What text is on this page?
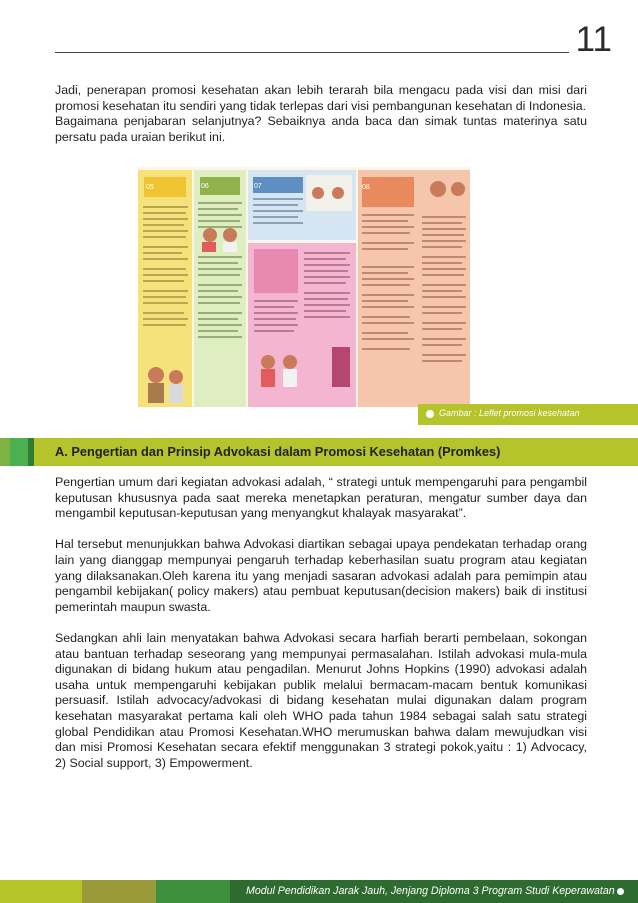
11

Jadi, penerapan promosi kesehatan akan lebih terarah bila mengacu pada visi dan misi dari promosi kesehatan itu sendiri yang tidak terlepas dari visi pembangunan kesehatan di Indonesia.

Bagaimana penjabaran selanjutnya? Sebaiknya anda baca dan simak tuntas materinya satu persatu pada uraian berikut ini.

05	06	07	08
Gambar : Leflet promosi kesehatan
A. Pengertian dan Prinsip Advokasi dalam Promosi Kesehatan (Promkes)

Pengertian umum dari kegiatan advokasi adalah, “ strategi untuk mempengaruhi para pengambil keputusan khususnya pada saat mereka menetapkan peraturan, mengatur sumber daya dan mengambil keputusan-keputusan yang menyangkut khalayak masyarakat”.

Hal tersebut menunjukkan bahwa Advokasi diartikan sebagai upaya pendekatan terhadap orang lain yang dianggap mempunyai pengaruh terhadap keberhasilan suatu program atau kegiatan yang dilaksanakan.Oleh karena itu yang menjadi sasaran advokasi adalah para pemimpin atau pengambil kebijakan( policy makers) atau pembuat keputusan(decision makers) baik di institusi pemerintah maupun swasta.

Sedangkan ahli lain menyatakan bahwa Advokasi secara harfiah berarti pembelaan, sokongan atau bantuan terhadap seseorang yang mempunyai permasalahan. Istilah advokasi mula-mula digunakan di bidang hukum atau pengadilan. Menurut Johns Hopkins (1990) advokasi adalah usaha untuk mempengaruhi kebijakan publik melalui bermacam-macam bentuk komunikasi persuasif. Istilah advocacy/advokasi di bidang kesehatan mulai digunakan dalam program kesehatan masyarakat pertama kali oleh WHO pada tahun 1984 sebagai salah satu strategi global Pendidikan atau Promosi Kesehatan.WHO merumuskan bahwa dalam mewujudkan visi dan misi Promosi Kesehatan secara efektif menggunakan 3 strategi pokok,yaitu : 1) Advocacy, 2) Social support, 3) Empowerment.

Modul Pendidikan Jarak Jauh, Jenjang Diploma 3 Program Studi Keperawatan
